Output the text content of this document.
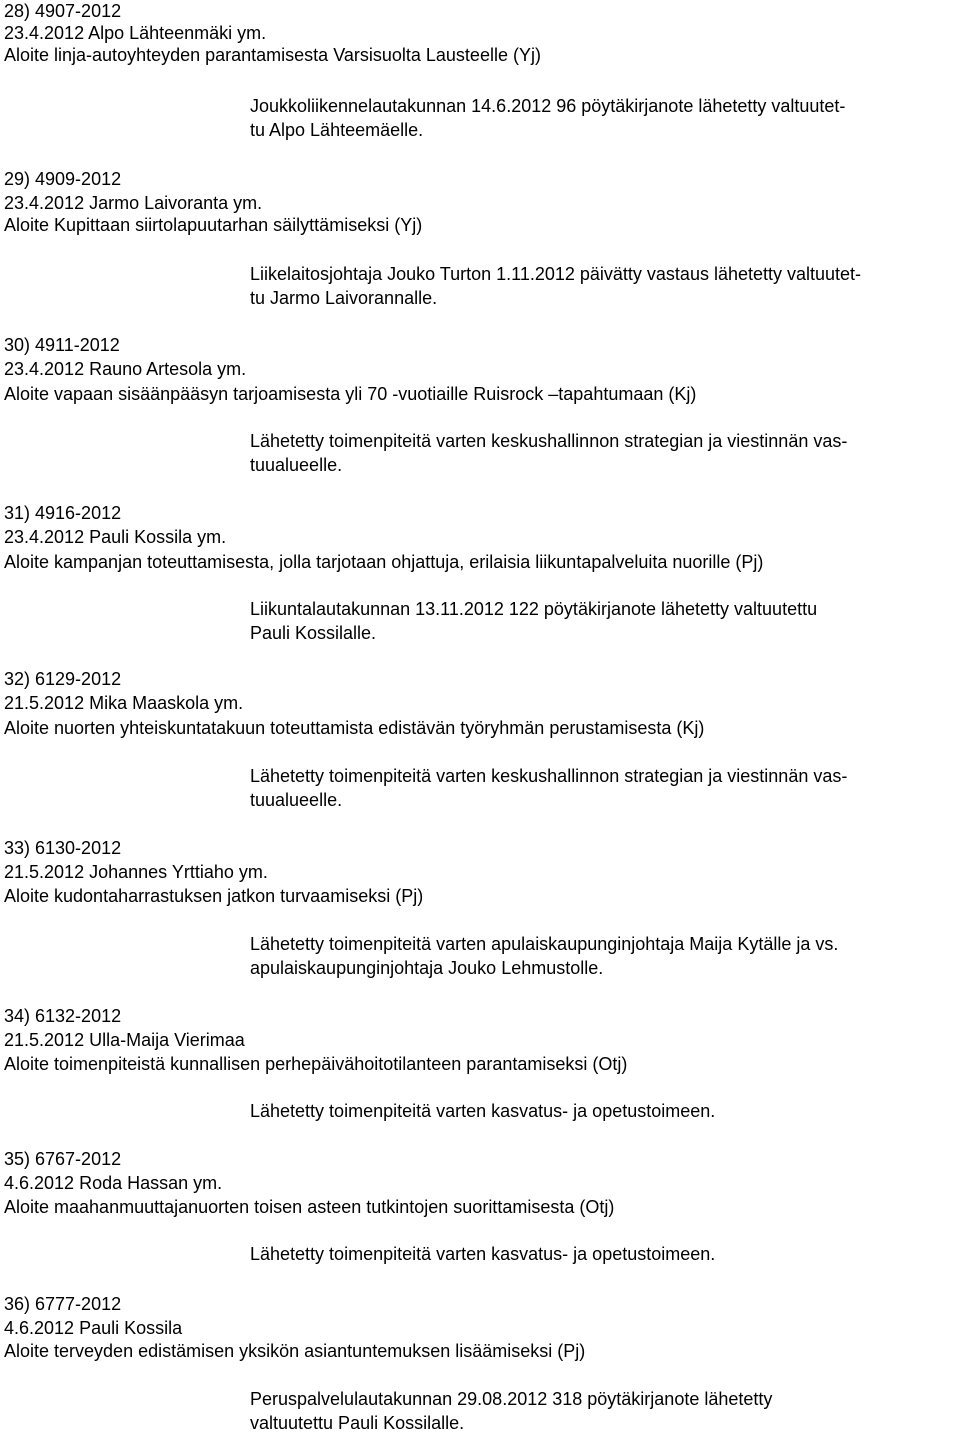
28) 4907-2012
23.4.2012 Alpo Lähteenmäki ym.
Aloite linja-autoyhteyden parantamisesta Varsisuolta Lausteelle (Yj)
Joukkoliikennelautakunnan 14.6.2012 96 pöytäkirjanote lähetetty valtuutet-
tu Alpo Lähteemäelle.
29) 4909-2012
23.4.2012 Jarmo Laivoranta ym.
Aloite Kupittaan siirtolapuutarhan säilyttämiseksi (Yj)
Liikelaitosjohtaja Jouko Turton 1.11.2012 päivätty vastaus lähetetty valtuutet-
tu Jarmo Laivorannalle.
30) 4911-2012
23.4.2012 Rauno Artesola ym.
Aloite vapaan sisäänpääsyn tarjoamisesta yli 70 -vuotiaille Ruisrock –tapahtumaan (Kj)
Lähetetty toimenpiteitä varten keskushallinnon strategian ja viestinnän vas-
tuualueelle.
31) 4916-2012
23.4.2012 Pauli Kossila ym.
Aloite kampanjan toteuttamisesta, jolla tarjotaan ohjattuja, erilaisia liikuntapalveluita nuorille (Pj)
Liikuntalautakunnan 13.11.2012 122 pöytäkirjanote lähetetty valtuutettu
Pauli Kossilalle.
32) 6129-2012
21.5.2012 Mika Maaskola ym.
Aloite nuorten yhteiskuntatakuun toteuttamista edistävän työryhmän perustamisesta (Kj)
Lähetetty toimenpiteitä varten keskushallinnon strategian ja viestinnän vas-
tuualueelle.
33) 6130-2012
21.5.2012 Johannes Yrttiaho ym.
Aloite kudontaharrastuksen jatkon turvaamiseksi (Pj)
Lähetetty toimenpiteitä varten apulaiskaupunginjohtaja Maija Kytälle ja vs.
apulaiskaupunginjohtaja Jouko Lehmustolle.
34) 6132-2012
21.5.2012 Ulla-Maija Vierimaa
Aloite toimenpiteistä kunnallisen perhepäivähoitotilanteen parantamiseksi (Otj)
Lähetetty toimenpiteitä varten kasvatus- ja opetustoimeen.
35) 6767-2012
4.6.2012 Roda Hassan ym.
Aloite maahanmuuttajanuorten toisen asteen tutkintojen suorittamisesta (Otj)
Lähetetty toimenpiteitä varten kasvatus- ja opetustoimeen.
36) 6777-2012
4.6.2012 Pauli Kossila
Aloite terveyden edistämisen yksikön asiantuntemuksen lisäämiseksi (Pj)
Peruspalvelulautakunnan 29.08.2012 318 pöytäkirjanote lähetetty
valtuutettu Pauli Kossilalle.
